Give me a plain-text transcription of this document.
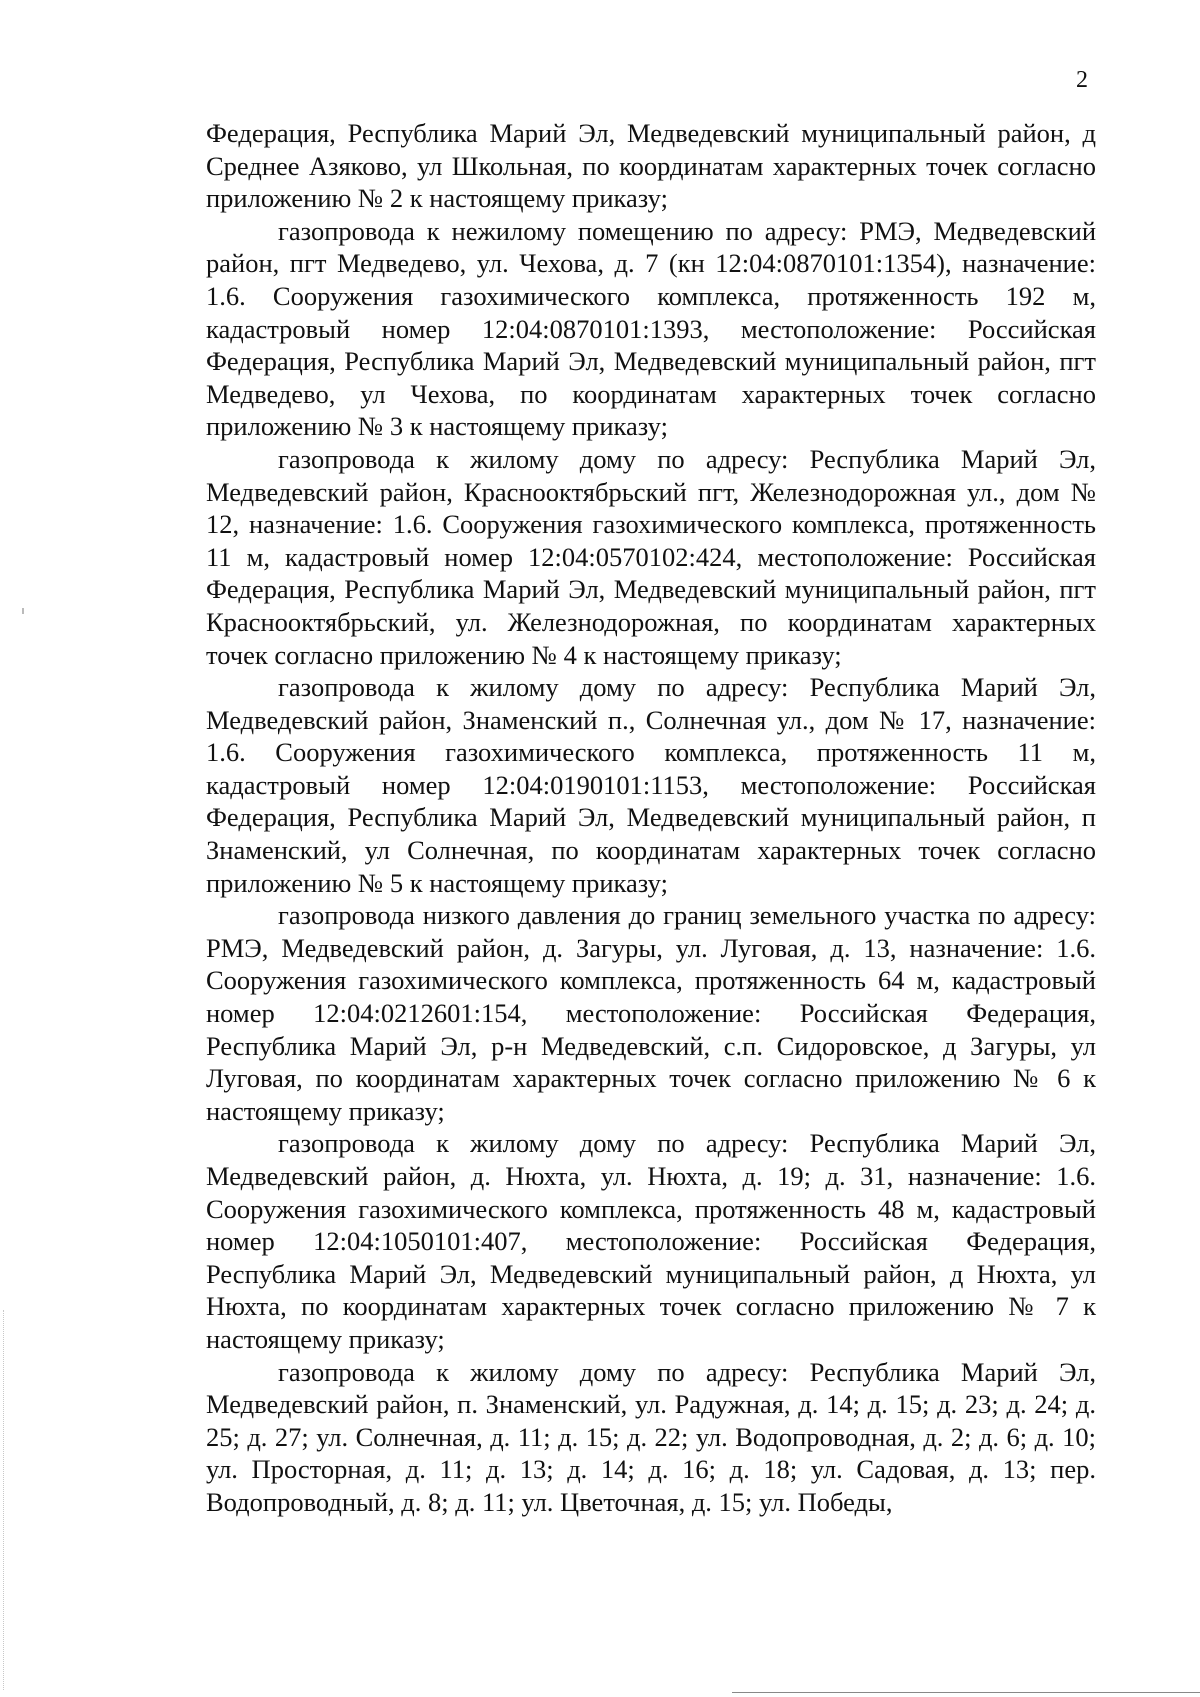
2

Федерация, Республика Марий Эл, Медведевский муниципальный район, д Среднее Азяково, ул Школьная, по координатам характерных точек согласно приложению № 2 к настоящему приказу;

газопровода к нежилому помещению по адресу: РМЭ, Медведевский район, пгт Медведево, ул. Чехова, д. 7 (кн 12:04:0870101:1354), назначение: 1.6. Сооружения газохимического комплекса, протяженность 192 м, кадастровый номер 12:04:0870101:1393, местоположение: Российская Федерация, Республика Марий Эл, Медведевский муниципальный район, пгт Медведево, ул Чехова, по координатам характерных точек согласно приложению № 3 к настоящему приказу;

газопровода к жилому дому по адресу: Республика Марий Эл, Медведевский район, Краснооктябрьский пгт, Железнодорожная ул., дом № 12, назначение: 1.6. Сооружения газохимического комплекса, протяженность 11 м, кадастровый номер 12:04:0570102:424, местоположение: Российская Федерация, Республика Марий Эл, Медведевский муниципальный район, пгт Краснооктябрьский, ул. Железнодорожная, по координатам характерных точек согласно приложению № 4 к настоящему приказу;

газопровода к жилому дому по адресу: Республика Марий Эл, Медведевский район, Знаменский п., Солнечная ул., дом № 17, назначение: 1.6. Сооружения газохимического комплекса, протяженность 11 м, кадастровый номер 12:04:0190101:1153, местоположение: Российская Федерация, Республика Марий Эл, Медведевский муниципальный район, п Знаменский, ул Солнечная, по координатам характерных точек согласно приложению № 5 к настоящему приказу;

газопровода низкого давления до границ земельного участка по адресу: РМЭ, Медведевский район, д. Загуры, ул. Луговая, д. 13, назначение: 1.6. Сооружения газохимического комплекса, протяженность 64 м, кадастровый номер 12:04:0212601:154, местоположение: Российская Федерация, Республика Марий Эл, р-н Медведевский, с.п. Сидоровское, д Загуры, ул Луговая, по координатам характерных точек согласно приложению № 6 к настоящему приказу;

газопровода к жилому дому по адресу: Республика Марий Эл, Медведевский район, д. Нюхта, ул. Нюхта, д. 19; д. 31, назначение: 1.6. Сооружения газохимического комплекса, протяженность 48 м, кадастровый номер 12:04:1050101:407, местоположение: Российская Федерация, Республика Марий Эл, Медведевский муниципальный район, д Нюхта, ул Нюхта, по координатам характерных точек согласно приложению № 7 к настоящему приказу;

газопровода к жилому дому по адресу: Республика Марий Эл, Медведевский район, п. Знаменский, ул. Радужная, д. 14; д. 15; д. 23; д. 24; д. 25; д. 27; ул. Солнечная, д. 11; д. 15; д. 22; ул. Водопроводная, д. 2; д. 6; д. 10; ул. Просторная, д. 11; д. 13; д. 14; д. 16; д. 18; ул. Садовая, д. 13; пер. Водопроводный, д. 8; д. 11; ул. Цветочная, д. 15; ул. Победы,
